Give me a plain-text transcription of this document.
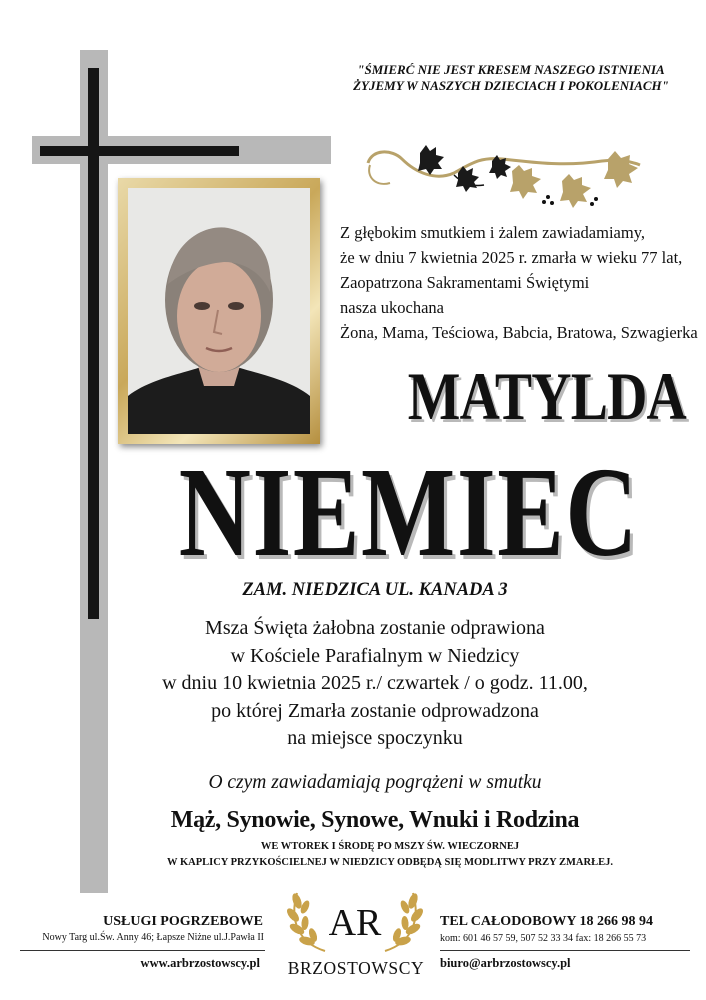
"ŚMIERĆ NIE JEST KRESEM NASZEGO ISTNIENIA
ŻYJEMY W NASZYCH DZIECIACH I POKOLENIACH"
Z głębokim smutkiem i żalem zawiadamiamy,
że w dniu 7 kwietnia 2025 r. zmarła w wieku 77 lat,
Zaopatrzona Sakramentami Świętymi
nasza ukochana
Żona, Mama, Teściowa, Babcia, Bratowa, Szwagierka
MATYLDA
NIEMIEC
ZAM. NIEDZICA UL. KANADA 3
Msza Święta żałobna zostanie odprawiona
w Kościele Parafialnym w Niedzicy
w dniu 10 kwietnia 2025 r./ czwartek / o godz. 11.00,
po której Zmarła zostanie odprowadzona
na miejsce spoczynku
O czym zawiadamiają pogrążeni w smutku
Mąż, Synowie, Synowe, Wnuki i Rodzina
WE WTOREK I ŚRODĘ PO MSZY ŚW. WIECZORNEJ
W KAPLICY PRZYKOŚCIELNEJ W NIEDZICY ODBĘDĄ SIĘ MODLITWY PRZY ZMARŁEJ.
USŁUGI POGRZEBOWE
Nowy Targ ul.Św. Anny 46; Łapsze Niżne ul.J.Pawła II
www.arbrzostowscy.pl
AR
BRZOSTOWSCY
TEL CAŁODOBOWY 18 266 98 94
kom: 601 46 57 59, 507 52 33 34 fax: 18 266 55 73
biuro@arbrzostowscy.pl
